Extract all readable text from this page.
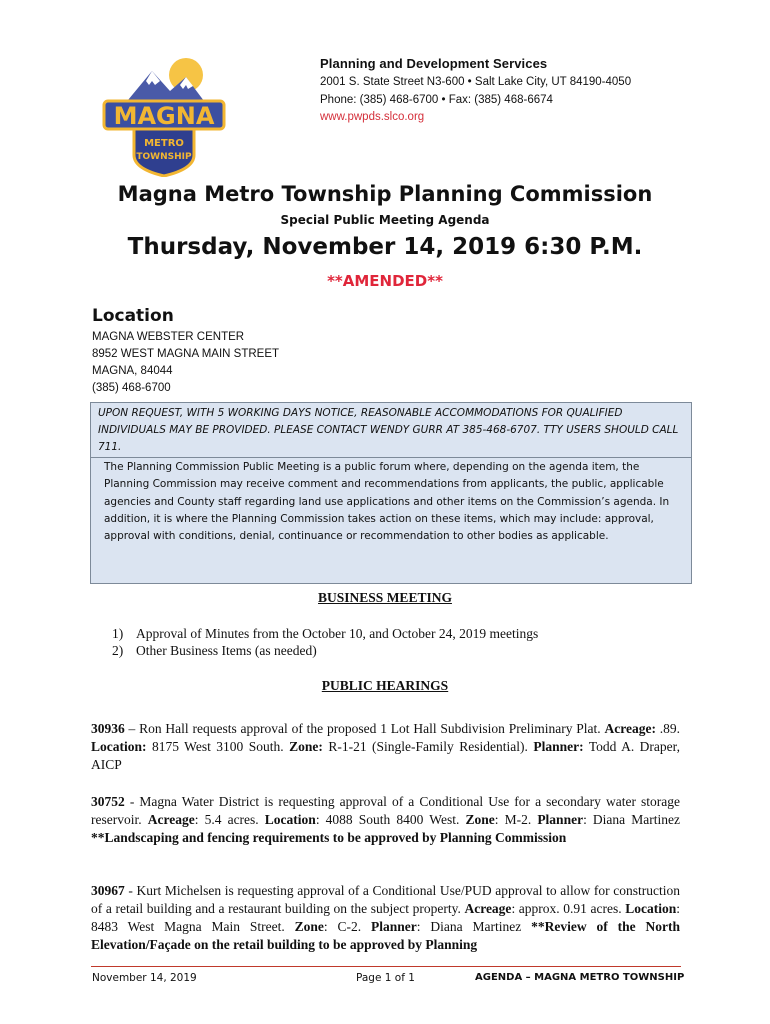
MAGNA
METRO
TOWNSHIP
Planning and Development Services
2001 S. State Street N3-600 • Salt Lake City, UT 84190-4050
Phone: (385) 468-6700 • Fax: (385) 468-6674
www.pwpds.slco.org
Magna Metro Township Planning Commission
Special Public Meeting Agenda
Thursday, November 14, 2019 6:30 P.M.
**AMENDED**
Location
MAGNA WEBSTER CENTER
8952 WEST MAGNA MAIN STREET
MAGNA, 84044
(385) 468-6700
UPON REQUEST, WITH 5 WORKING DAYS NOTICE, REASONABLE ACCOMMODATIONS FOR QUALIFIED INDIVIDUALS MAY BE PROVIDED. PLEASE CONTACT WENDY GURR AT 385-468-6707. TTY USERS SHOULD CALL 711.
The Planning Commission Public Meeting is a public forum where, depending on the agenda item, the Planning Commission may receive comment and recommendations from applicants, the public, applicable agencies and County staff regarding land use applications and other items on the Commission’s agenda. In addition, it is where the Planning Commission takes action on these items, which may include: approval, approval with conditions, denial, continuance or recommendation to other bodies as applicable.
BUSINESS MEETING
1) Approval of Minutes from the October 10, and October 24, 2019 meetings
2) Other Business Items (as needed)
PUBLIC HEARINGS
30936 – Ron Hall requests approval of the proposed 1 Lot Hall Subdivision Preliminary Plat. Acreage: .89. Location: 8175 West 3100 South. Zone: R-1-21 (Single-Family Residential). Planner: Todd A. Draper, AICP
30752 - Magna Water District is requesting approval of a Conditional Use for a secondary water storage reservoir. Acreage: 5.4 acres. Location: 4088 South 8400 West. Zone: M-2. Planner: Diana Martinez **Landscaping and fencing requirements to be approved by Planning Commission
30967 - Kurt Michelsen is requesting approval of a Conditional Use/PUD approval to allow for construction of a retail building and a restaurant building on the subject property. Acreage: approx. 0.91 acres. Location: 8483 West Magna Main Street. Zone: C-2. Planner: Diana Martinez **Review of the North Elevation/Façade on the retail building to be approved by Planning
November 14, 2019	Page 1 of 1	AGENDA – MAGNA METRO TOWNSHIP
